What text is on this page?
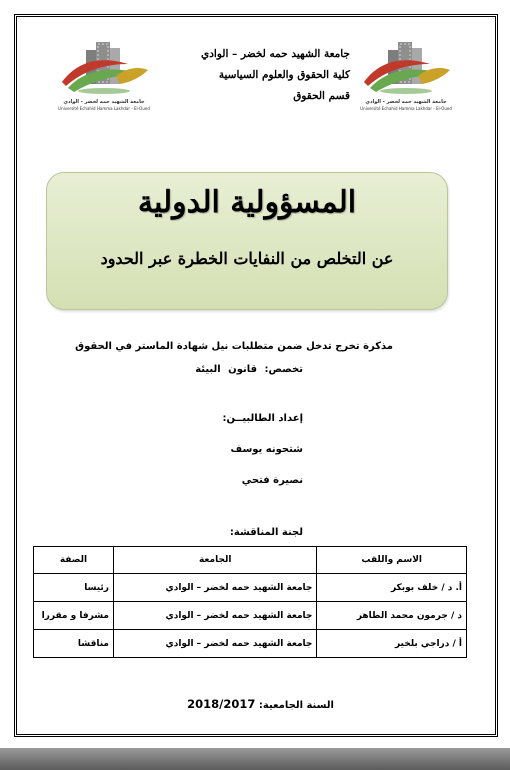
جامعة الشهيد حمه لخضر - الوادي
Université Echahid Hamma Lakhdar - El-Oued
جامعة الشهيد حمه لخضر - الوادي
Université Echahid Hamma Lakhdar - El-Oued
جامعة الشهيد حمه لخضر – الوادي
كلية الحقوق والعلوم السياسية
قسم الحقوق
المسؤولية الدولية
عن التخلص من النفايات الخطرة عبر الحدود
مذكرة تخرج تدخل ضمن متطلبات نيل شهادة الماستر في الحقوق
تخصص: قانون البيئة
إعداد الطالبيــن:
شتحونه يوسف
نصيرة فتحي
لجنة المناقشة:
الاسم واللقب	الجامعة	الصفة
أ. د / خلف بوبكر	جامعة الشهيد حمه لخضر – الوادي	رئيسا
د / جرمون محمد الطاهر	جامعة الشهيد حمه لخضر – الوادي	مشرفا و مقررا
أ / دراجي بلخير	جامعة الشهيد حمه لخضر – الوادي	مناقشا
السنة الجامعية: 2018/2017
